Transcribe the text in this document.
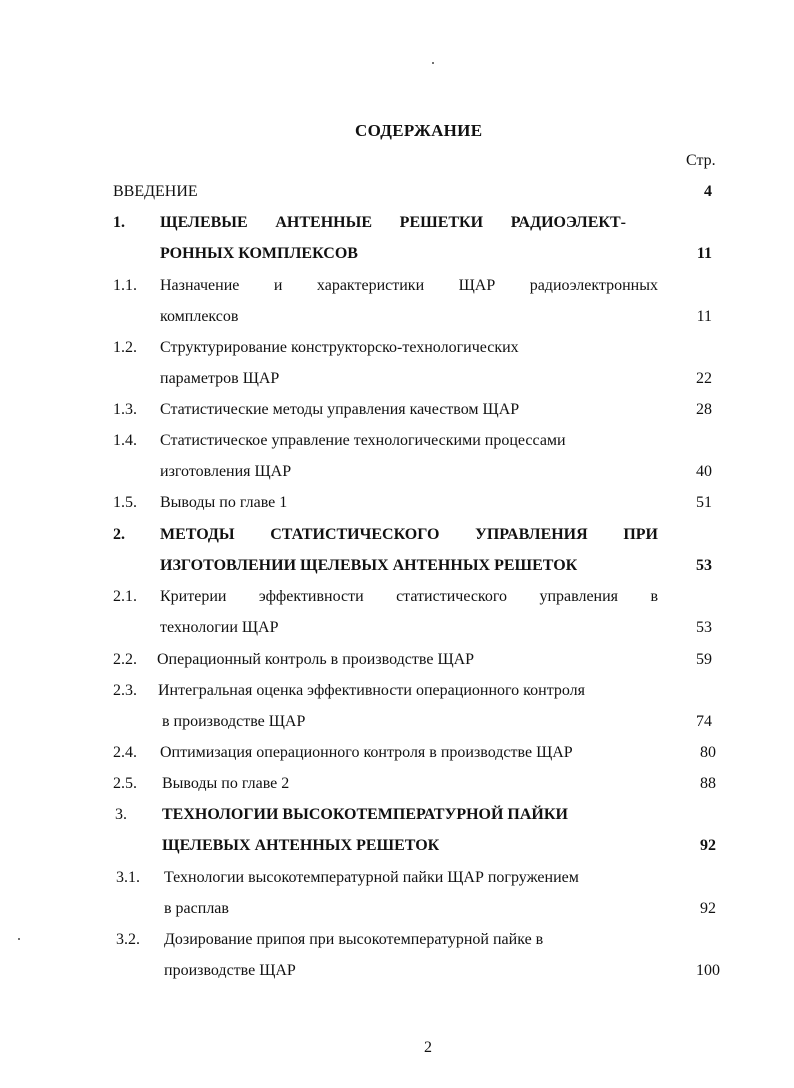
СОДЕРЖАНИЕ
Стр.
ВВЕДЕНИЕ	4
1. ЩЕЛЕВЫЕ АНТЕННЫЕ РЕШЕТКИ РАДИОЭЛЕКТ-
РОННЫХ КОМПЛЕКСОВ	11
1.1. Назначение и характеристики ЩАР радиоэлектронных
комплексов	11
1.2. Структурирование конструкторско-технологических
параметров ЩАР	22
1.3. Статистические методы управления качеством ЩАР	28
1.4. Статистическое управление технологическими процессами
изготовления ЩАР	40
1.5. Выводы по главе 1	51
2. МЕТОДЫ СТАТИСТИЧЕСКОГО УПРАВЛЕНИЯ ПРИ
ИЗГОТОВЛЕНИИ ЩЕЛЕВЫХ АНТЕННЫХ РЕШЕТОК	53
2.1. Критерии эффективности статистического управления в
технологии ЩАР	53
2.2. Операционный контроль в производстве ЩАР	59
2.3. Интегральная оценка эффективности операционного контроля
в производстве ЩАР	74
2.4. Оптимизация операционного контроля в производстве ЩАР	80
2.5. Выводы по главе 2	88
3. ТЕХНОЛОГИИ ВЫСОКОТЕМПЕРАТУРНОЙ ПАЙКИ
ЩЕЛЕВЫХ АНТЕННЫХ РЕШЕТОК	92
3.1. Технологии высокотемпературной пайки ЩАР погружением
в расплав	92
3.2. Дозирование припоя при высокотемпературной пайке в
производстве ЩАР	100
2
